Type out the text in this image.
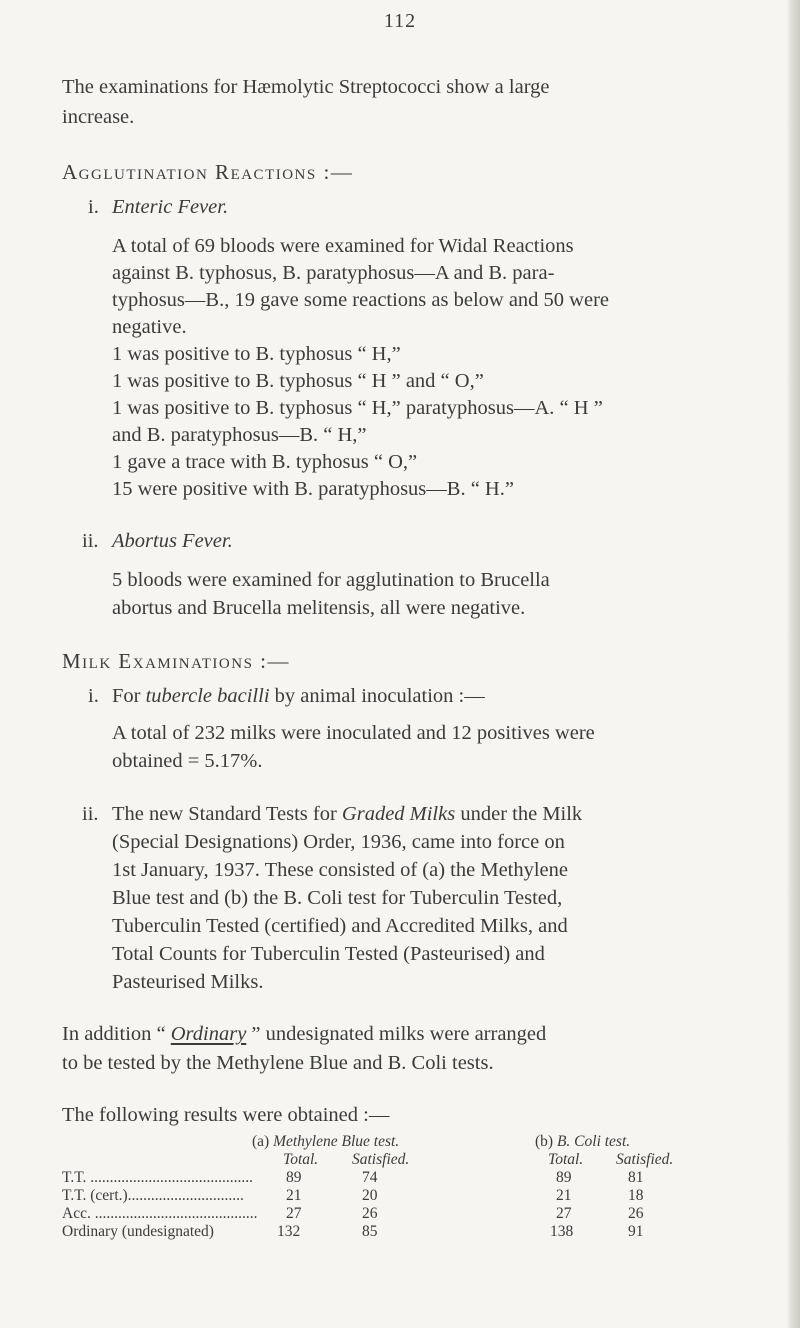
112
The examinations for Hæmolytic Streptococci show a large
increase.
Agglutination Reactions :—
i. Enteric Fever.
A total of 69 bloods were examined for Widal Reactions
against B. typhosus, B. paratyphosus—A and B. para-
typhosus—B., 19 gave some reactions as below and 50 were
negative.
1 was positive to B. typhosus “ H,”
1 was positive to B. typhosus “ H ” and “ O,”
1 was positive to B. typhosus “ H,” paratyphosus—A. “ H ”
and B. paratyphosus—B. “ H,”
1 gave a trace with B. typhosus “ O,”
15 were positive with B. paratyphosus—B. “ H.”
ii. Abortus Fever.
5 bloods were examined for agglutination to Brucella
abortus and Brucella melitensis, all were negative.
Milk Examinations :—
i. For tubercle bacilli by animal inoculation :—
A total of 232 milks were inoculated and 12 positives were
obtained = 5.17%.
ii. The new Standard Tests for Graded Milks under the Milk
(Special Designations) Order, 1936, came into force on
1st January, 1937. These consisted of (a) the Methylene
Blue test and (b) the B. Coli test for Tuberculin Tested,
Tuberculin Tested (certified) and Accredited Milks, and
Total Counts for Tuberculin Tested (Pasteurised) and
Pasteurised Milks.
In addition “ Ordinary ” undesignated milks were arranged
to be tested by the Methylene Blue and B. Coli tests.
The following results were obtained :—
(a) Methylene Blue test.	(b) B. Coli test.
Total. Satisfied.	Total. Satisfied.
T.T. ..........................................	89	74	89	81
T.T. (cert.)..............................	21	20	21	18
Acc. ..........................................	27	26	27	26
Ordinary (undesignated)	132	85	138	91
